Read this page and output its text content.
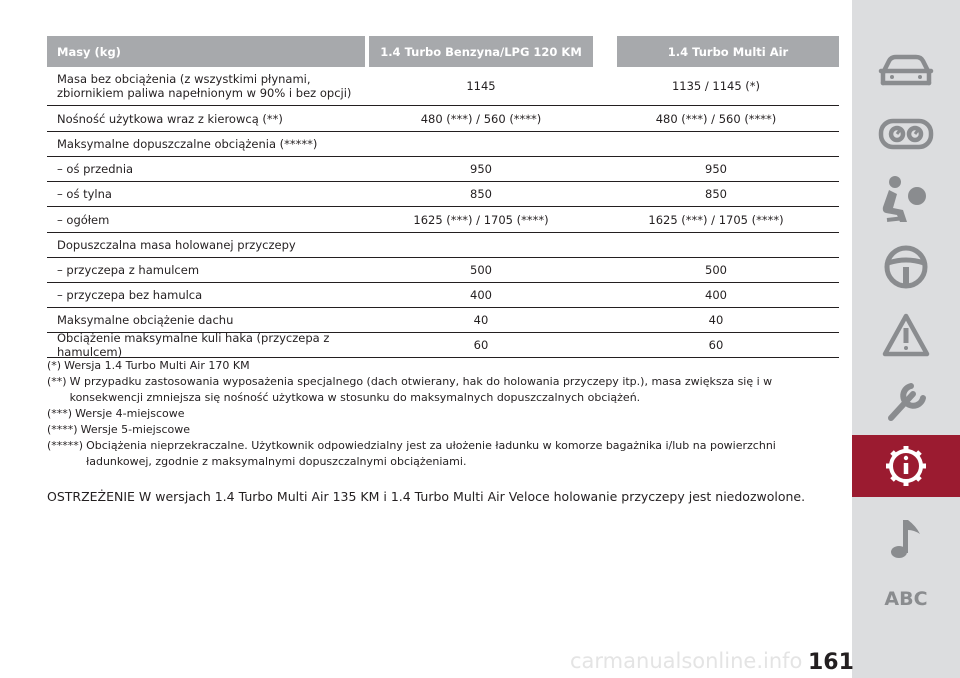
Masy (kg)	1.4 Turbo Benzyna/LPG 120 KM	1.4 Turbo Multi Air
Masa bez obciążenia (z wszystkimi płynami, zbiornikiem paliwa napełnionym w 90% i bez opcji)	1145	1135 / 1145 (*)
Nośność użytkowa wraz z kierowcą (**)	480 (***) / 560 (****)	480 (***) / 560 (****)
Maksymalne dopuszczalne obciążenia (*****)
– oś przednia	950	950
– oś tylna	850	850
– ogółem	1625 (***) / 1705 (****)	1625 (***) / 1705 (****)
Dopuszczalna masa holowanej przyczepy
– przyczepa z hamulcem	500	500
– przyczepa bez hamulca	400	400
Maksymalne obciążenie dachu	40	40
Obciążenie maksymalne kuli haka (przyczepa z hamulcem)	60	60
(*) Wersja 1.4 Turbo Multi Air 170 KM
(**) W przypadku zastosowania wyposażenia specjalnego (dach otwierany, hak do holowania przyczepy itp.), masa zwiększa się i w konsekwencji zmniejsza się nośność użytkowa w stosunku do maksymalnych dopuszczalnych obciążeń.
(***) Wersje 4-miejscowe
(****) Wersje 5-miejscowe
(*****) Obciążenia nieprzekraczalne. Użytkownik odpowiedzialny jest za ułożenie ładunku w komorze bagażnika i/lub na powierzchni ładunkowej, zgodnie z maksymalnymi dopuszczalnymi obciążeniami.
OSTRZEŻENIE W wersjach 1.4 Turbo Multi Air 135 KM i 1.4 Turbo Multi Air Veloce holowanie przyczepy jest niedozwolone.
ABC
carmanualsonline.info 161
